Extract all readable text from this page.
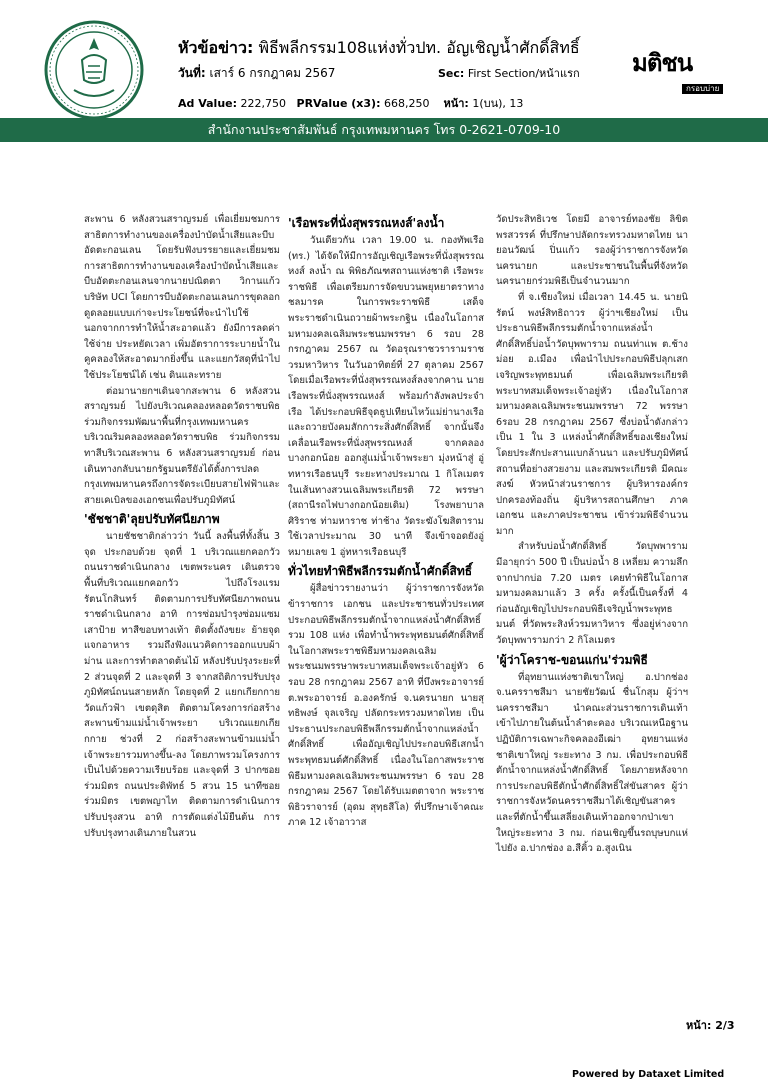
หัวข้อข่าว: พิธีพลีกรรม108แห่งทั่วปท. อัญเชิญน้ำศักดิ์สิทธิ์
วันที่: เสาร์ 6 กรกฎาคม 2567	Sec: First Section/หน้าแรก
Ad Value: 222,750 PRValue (x3): 668,250 หน้า: 1(บน), 13
มติชน
กรอบบ่าย
สำนักงานประชาสัมพันธ์ กรุงเทพมหานคร โทร 0-2621-0709-10

สะพาน 6 หลังสวนสราญรมย์ เพื่อเยี่ยมชมการสาธิตการทำงานของเครื่องบำบัดน้ำเสียและบีบอัดตะกอนเลน โดยรับฟังบรรยายและเยี่ยมชมการสาธิตการทำงานของเครื่องบำบัดน้ำเสียและบีบอัดตะกอนเลนจากนายปณิตตา วิกานแก้ว บริษัท UCI โดยการบีบอัดตะกอนเลนการขุดลอกดูดลอยแบบเก่าจะประโยชน์ที่จะนำไปใช้นอกจากการทำให้น้ำสะอาดแล้ว ยังมีการลดค่าใช้จ่าย ประหยัดเวลา เพิ่มอัตราการระบายน้ำในคูคลองให้สะอาดมากยิ่งขึ้น และแยกวัสดุที่นำไปใช้ประโยชน์ได้ เช่น ดินและทราย

ต่อมานายกฯเดินจากสะพาน 6 หลังสวนสราญรมย์ ไปยังบริเวณคลองหลอดวัดราชบพิธ ร่วมกิจกรรมพัฒนาพื้นที่กรุงเทพมหานคร บริเวณริมคลองหลอดวัดราชบพิธ ร่วมกิจกรรมทาสีบริเวณสะพาน 6 หลังสวนสราญรมย์ ก่อนเดินทางกลับนายกรัฐมนตรียังได้ตั้งการปลดกรุงเทพมหานครถึงการจัดระเบียบสายไฟฟ้าและสายเคเบิลของเอกชนเพื่อปรับภูมิทัศน์

'ชัชชาติ'ลุยปรับทัศนียภาพ

นายชัชชาติกล่าวว่า วันนี้ ลงพื้นที่ทั้งสิ้น 3 จุด ประกอบด้วย จุดที่ 1 บริเวณแยกคอกวัว ถนนราชดำเนินกลาง เขตพระนคร เดินตรวจพื้นที่บริเวณแยกคอกวัว ไปถึงโรงแรมรัตนโกสินทร์ ติดตามการปรับทัศนียภาพถนนราชดำเนินกลาง อาทิ การซ่อมบำรุงซ่อมแซมเสาป้าย ทาสีขอบทางเท้า ติดตั้งถังขยะ ย้ายจุดแจกอาหาร รวมถึงฟังแนวคิดการออกแบบผ้าม่าน และการทำตลาดต้นไม้ หลังปรับปรุงระยะที่ 2 ส่วนจุดที่ 2 และจุดที่ 3 จากสถิติการปรับปรุงภูมิทัศน์ถนนสายหลัก โดยจุดที่ 2 แยกเกียกกาย วัดแก้วฟ้า เขตดุสิต ติดตามโครงการก่อสร้างสะพานข้ามแม่น้ำเจ้าพระยา บริเวณแยกเกียกกาย ช่วงที่ 2 ก่อสร้างสะพานข้ามแม่น้ำเจ้าพระยารวมทางขึ้น-ลง โดยภาพรวมโครงการเป็นไปด้วยความเรียบร้อย และจุดที่ 3 ปากซอยร่วมมิตร ถนนประดิพัทธ์ 5 สวน 15 นาทีซอยร่วมมิตร เขตพญาไท ติดตามการดำเนินการปรับปรุงสวน อาทิ การตัดแต่งไม้ยืนต้น การปรับปรุงทางเดินภายในสวน

'เรือพระที่นั่งสุพรรณหงส์'ลงน้ำ

วันเดียวกัน เวลา 19.00 น. กองทัพเรือ (ทร.) ได้จัดให้มีการอัญเชิญเรือพระที่นั่งสุพรรณหงส์ ลงน้ำ ณ พิพิธภัณฑสถานแห่งชาติ เรือพระราชพิธี เพื่อเตรียมการจัดขบวนพยุหยาตราทางชลมารค ในการพระราชพิธี เสด็จพระราชดำเนินถวายผ้าพระกฐิน เนื่องในโอกาสมหามงคลเฉลิมพระชนมพรรษา 6 รอบ 28 กรกฎาคม 2567 ณ วัดอรุณราชวรารามราชวรมหาวิหาร ในวันอาทิตย์ที่ 27 ตุลาคม 2567 โดยเมื่อเรือพระที่นั่งสุพรรณหงส์ลงจากคาน นายเรือพระที่นั่งสุพรรณหงส์ พร้อมกำลังพลประจำเรือ ได้ประกอบพิธีจุดธูปเทียนไหว้แม่ย่านางเรือ และถวายบังคมสักการะสิ่งศักดิ์สิทธิ์ จากนั้นจึงเคลื่อนเรือพระที่นั่งสุพรรณหงส์ จากคลองบางกอกน้อย ออกสู่แม่น้ำเจ้าพระยา มุ่งหน้าสู่ อู่ทหารเรือธนบุรี ระยะทางประมาณ 1 กิโลเมตร ในเส้นทางสวนเฉลิมพระเกียรติ 72 พรรษา (สถานีรถไฟบางกอกน้อยเดิม) โรงพยาบาลศิริราช ท่ามหาราช ท่าช้าง วัดระฆังโฆสิตาราม ใช้เวลาประมาณ 30 นาที จึงเข้าจอดยังอู่หมายเลข 1 อู่ทหารเรือธนบุรี

ทั่วไทยทำพิธีพลีกรรมตักน้ำศักดิ์สิทธิ์

ผู้สื่อข่าวรายงานว่า ผู้ว่าราชการจังหวัด ข้าราชการ เอกชน และประชาชนทั่วประเทศประกอบพิธีพลีกรรมตักน้ำจากแหล่งน้ำศักดิ์สิทธิ์ รวม 108 แห่ง เพื่อทำน้ำพระพุทธมนต์ศักดิ์สิทธิ์ ในโอกาสพระราชพิธีมหามงคลเฉลิมพระชนมพรรษาพระบาทสมเด็จพระเจ้าอยู่หัว 6 รอบ 28 กรกฎาคม 2567 อาทิ ที่บึงพระอาจารย์ ต.พระอาจารย์ อ.องครักษ์ จ.นครนายก นายสุทธิพงษ์ จุลเจริญ ปลัดกระทรวงมหาดไทย เป็นประธานประกอบพิธีพลีกรรมตักน้ำจากแหล่งน้ำศักดิ์สิทธิ์ เพื่ออัญเชิญไปประกอบพิธีเสกน้ำพระพุทธมนต์ศักดิ์สิทธิ์ เนื่องในโอกาสพระราชพิธีมหามงคลเฉลิมพระชนมพรรษา 6 รอบ 28 กรกฎาคม 2567 โดยได้รับเมตตาจาก พระราชพิธิวราจารย์ (อุดม สุทฺธสีโล) ที่ปรึกษาเจ้าคณะภาค 12 เจ้าอาวาส

วัดประสิทธิเวช โดยมี อาจารย์ทองชัย ลิขิตพรสวรรค์ ที่ปรึกษาปลัดกระทรวงมหาดไทย นายอนวัฒน์ ปิ่นแก้ว รองผู้ว่าราชการจังหวัดนครนายก และประชาชนในพื้นที่จังหวัดนครนายกร่วมพิธีเป็นจำนวนมาก

ที่ จ.เชียงใหม่ เมื่อเวลา 14.45 น. นายนิรัตน์ พงษ์สิทธิถาวร ผู้ว่าฯเชียงใหม่ เป็นประธานพิธีพลีกรรมตักน้ำจากแหล่งน้ำศักดิ์สิทธิ์บ่อน้ำวัดบุพพาราม ถนนท่าแพ ต.ช้างม่อย อ.เมือง เพื่อนำไปประกอบพิธีปลุกเสกเจริญพระพุทธมนต์ เพื่อเฉลิมพระเกียรติพระบาทสมเด็จพระเจ้าอยู่หัว เนื่องในโอกาสมหามงคลเฉลิมพระชนมพรรษา 72 พรรษา 6รอบ 28 กรกฎาคม 2567 ซึ่งบ่อน้ำดังกล่าวเป็น 1 ใน 3 แหล่งน้ำศักดิ์สิทธิ์ของเชียงใหม่ โดยประสักปะสานแบกล้านนา และปรับภูมิทัศน์สถานที่อย่างสวยงาม และสมพระเกียรติ มีคณะสงฆ์ หัวหน้าส่วนราชการ ผู้บริหารองค์กรปกครองท้องถิ่น ผู้บริหารสถานศึกษา ภาคเอกชน และภาคประชาชน เข้าร่วมพิธีจำนวนมาก

สำหรับบ่อน้ำศักดิ์สิทธิ์ วัดบุพพาราม มีอายุกว่า 500 ปี เป็นบ่อน้ำ 8 เหลี่ยม ความลึกจากปากบ่อ 7.20 เมตร เคยทำพิธีในโอกาสมหามงคลมาแล้ว 3 ครั้ง ครั้งนี้เป็นครั้งที่ 4 ก่อนอัญเชิญไปประกอบพิธีเจริญน้ำพระพุทธมนต์ ที่วัดพระสิงห์วรมหาวิหาร ซึ่งอยู่ห่างจากวัดบุพพารามกว่า 2 กิโลเมตร

'ผู้ว่าโคราช-ขอนแก่น'ร่วมพิธี

ที่อุทยานแห่งชาติเขาใหญ่ อ.ปากช่อง จ.นครราชสีมา นายชัยวัฒน์ ชื่นโกสุม ผู้ว่าฯนครราชสีมา นำคณะส่วนราชการเดินเท้าเข้าไปภายในต้นน้ำลำตะคอง บริเวณเหนือฐานปฏิบัติการเฉพาะกิจคลองอีเฒ่า อุทยานแห่งชาติเขาใหญ่ ระยะทาง 3 กม. เพื่อประกอบพิธีตักน้ำจากแหล่งน้ำศักดิ์สิทธิ์ โดยภายหลังจากการประกอบพิธีตักน้ำศักดิ์สิทธิ์ใส่ขันสาคร ผู้ว่าราชการจังหวัดนครราชสีมาได้เชิญขันสาครและที่ตักน้ำขึ้นเสลี่ยงเดินเท้าออกจากป่าเขาใหญ่ระยะทาง 3 กม. ก่อนเชิญขึ้นรถบุษบกแห่ไปยัง อ.ปากช่อง อ.สีคิ้ว อ.สูงเนิน

หน้า: 2/3
Powered by Dataxet Limited
